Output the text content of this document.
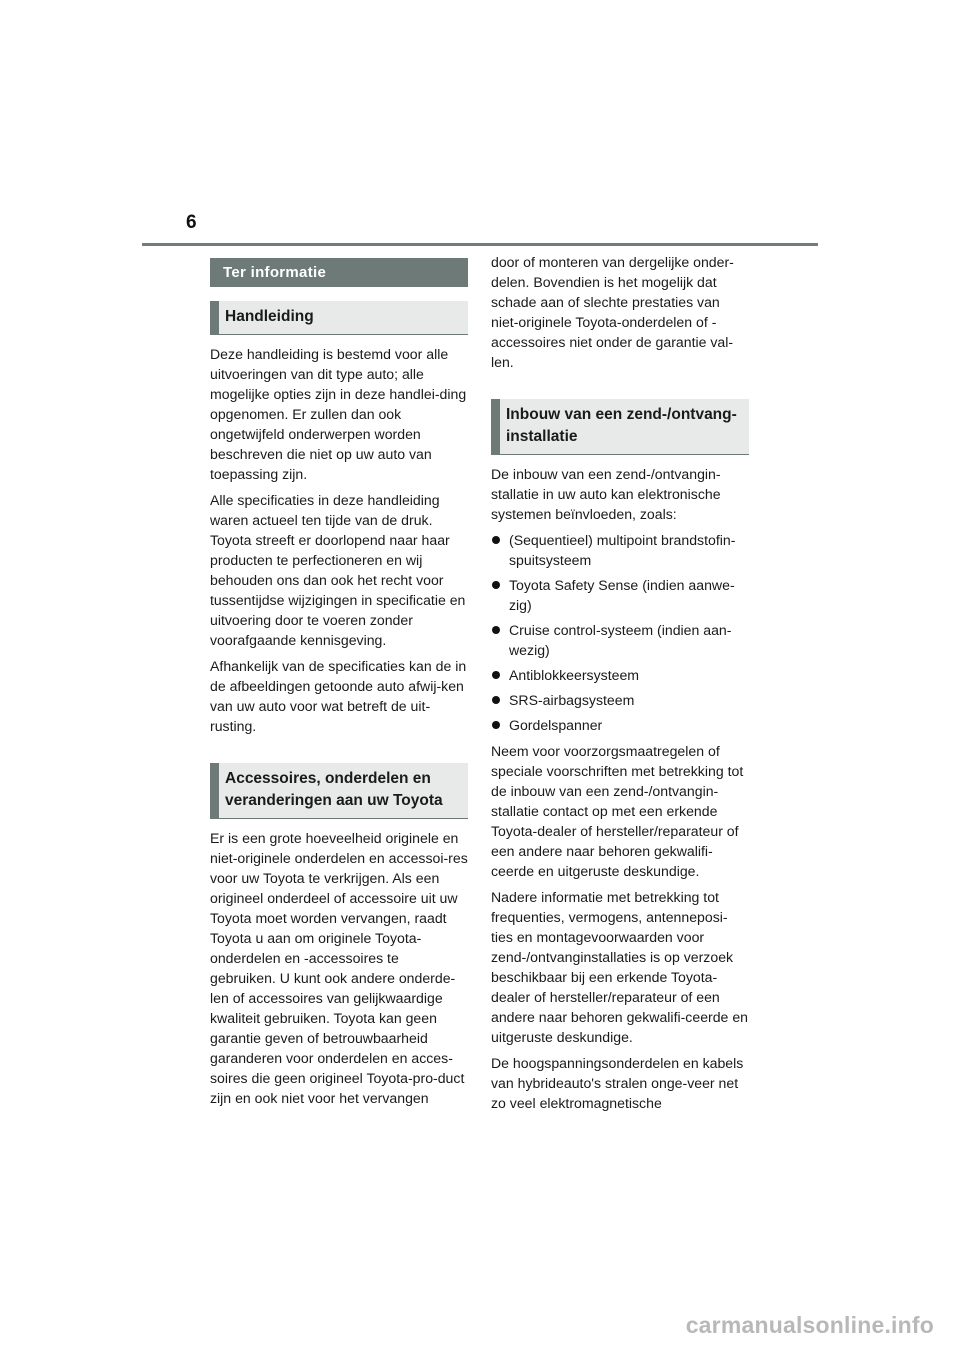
6
Ter informatie
Handleiding

Deze handleiding is bestemd voor alle uitvoeringen van dit type auto; alle mogelijke opties zijn in deze handlei-ding opgenomen. Er zullen dan ook ongetwijfeld onderwerpen worden beschreven die niet op uw auto van toepassing zijn.

Alle specificaties in deze handleiding waren actueel ten tijde van de druk. Toyota streeft er doorlopend naar haar producten te perfectioneren en wij behouden ons dan ook het recht voor tussentijdse wijzigingen in specificatie en uitvoering door te voeren zonder voorafgaande kennisgeving.

Afhankelijk van de specificaties kan de in de afbeeldingen getoonde auto afwij-ken van uw auto voor wat betreft de uit-rusting.

Accessoires, onderdelen en veranderingen aan uw Toyota

Er is een grote hoeveelheid originele en niet-originele onderdelen en accessoi-res voor uw Toyota te verkrijgen. Als een origineel onderdeel of accessoire uit uw Toyota moet worden vervangen, raadt Toyota u aan om originele Toyota-onderdelen en -accessoires te gebruiken. U kunt ook andere onderde-len of accessoires van gelijkwaardige kwaliteit gebruiken. Toyota kan geen garantie geven of betrouwbaarheid garanderen voor onderdelen en acces-soires die geen origineel Toyota-pro-duct zijn en ook niet voor het vervangen

door of monteren van dergelijke onder-delen. Bovendien is het mogelijk dat schade aan of slechte prestaties van niet-originele Toyota-onderdelen of -accessoires niet onder de garantie val-len.

Inbouw van een zend-/ontvang-installatie

De inbouw van een zend-/ontvangin-stallatie in uw auto kan elektronische systemen beïnvloeden, zoals:

(Sequentieel) multipoint brandstofin-spuitsysteem
Toyota Safety Sense (indien aanwe-zig)
Cruise control-systeem (indien aan-wezig)
Antiblokkeersysteem
SRS-airbagsysteem
Gordelspanner

Neem voor voorzorgsmaatregelen of speciale voorschriften met betrekking tot de inbouw van een zend-/ontvangin-stallatie contact op met een erkende Toyota-dealer of hersteller/reparateur of een andere naar behoren gekwalifi-ceerde en uitgeruste deskundige.

Nadere informatie met betrekking tot frequenties, vermogens, antenneposi-ties en montagevoorwaarden voor zend-/ontvanginstallaties is op verzoek beschikbaar bij een erkende Toyota-dealer of hersteller/reparateur of een andere naar behoren gekwalifi-ceerde en uitgeruste deskundige.

De hoogspanningsonderdelen en kabels van hybrideauto's stralen onge-veer net zo veel elektromagnetische

carmanualsonline.info
